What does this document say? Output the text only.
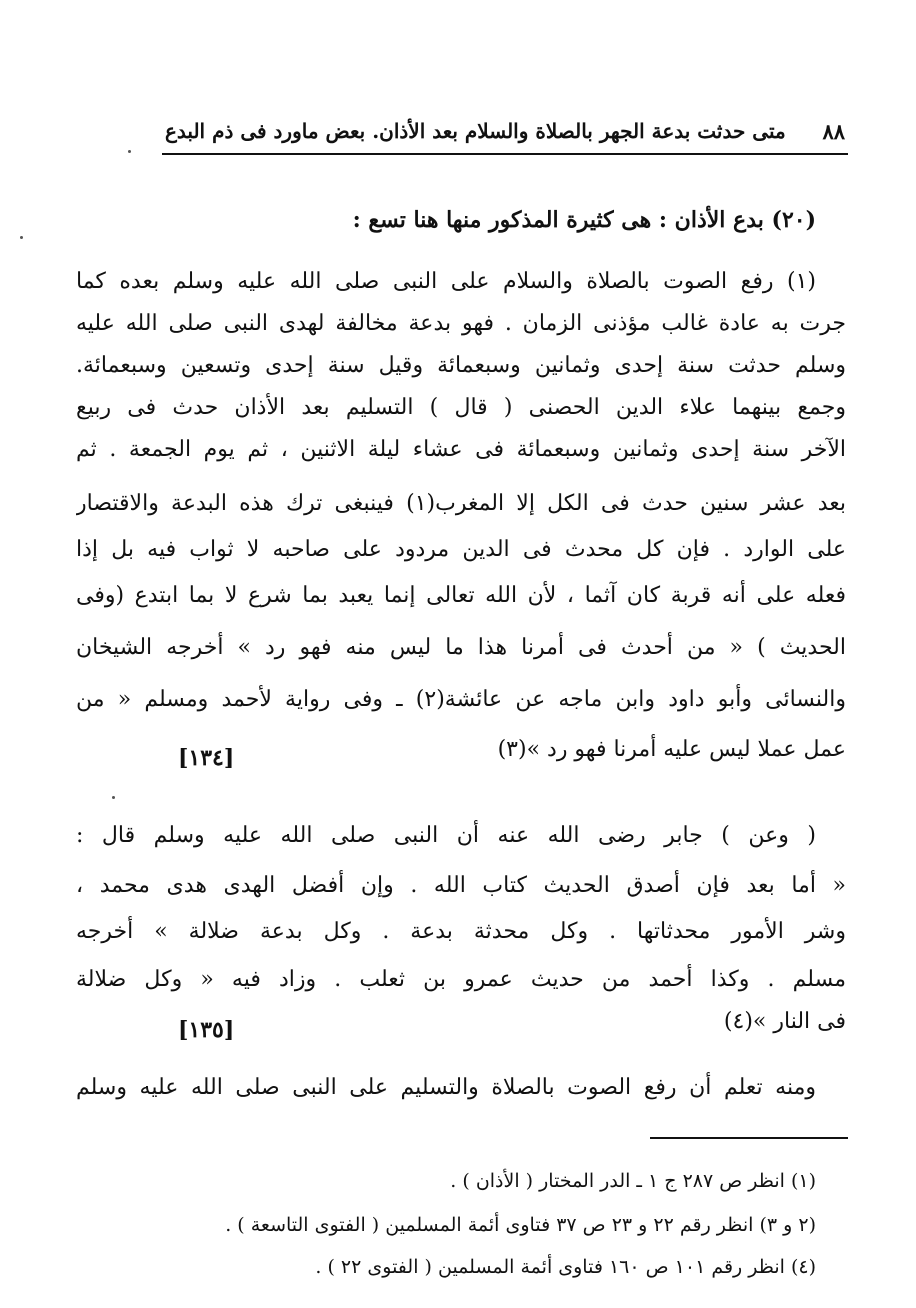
٨٨
متى حدثت بدعة الجهر بالصلاة والسلام بعد الأذان. بعض ماورد فى ذم البدع
(٢٠) بدع الأذان : هى كثيرة المذكور منها هنا تسع :
(١) رفع الصوت بالصلاة والسلام على النبى صلى الله عليه وسلم بعده كما
جرت به عادة غالب مؤذنى الزمان . فهو بدعة مخالفة لهدى النبى صلى الله عليه
وسلم حدثت سنة إحدى وثمانين وسبعمائة وقيل سنة إحدى وتسعين وسبعمائة.
وجمع بينهما علاء الدين الحصنى ( قال ) التسليم بعد الأذان حدث فى ربيع
الآخر سنة إحدى وثمانين وسبعمائة فى عشاء ليلة الاثنين ، ثم يوم الجمعة . ثم
بعد عشر سنين حدث فى الكل إلا المغرب(١) فينبغى ترك هذه البدعة والاقتصار
على الوارد . فإن كل محدث فى الدين مردود على صاحبه لا ثواب فيه بل إذا
فعله على أنه قربة كان آثما ، لأن الله تعالى إنما يعبد بما شرع لا بما ابتدع (وفى
الحديث ) « من أحدث فى أمرنا هذا ما ليس منه فهو رد » أخرجه الشيخان
والنسائى وأبو داود وابن ماجه عن عائشة(٢) ـ وفى رواية لأحمد ومسلم « من
عمل عملا ليس عليه أمرنا فهو رد »(٣)
[١٣٤]
( وعن ) جابر رضى الله عنه أن النبى صلى الله عليه وسلم قال :
« أما بعد فإن أصدق الحديث كتاب الله . وإن أفضل الهدى هدى محمد ،
وشر الأمور محدثاتها . وكل محدثة بدعة . وكل بدعة ضلالة » أخرجه
مسلم . وكذا أحمد من حديث عمرو بن ثعلب . وزاد فيه « وكل ضلالة
فى النار »(٤)
[١٣٥]
ومنه تعلم أن رفع الصوت بالصلاة والتسليم على النبى صلى الله عليه وسلم
(١) انظر ص ٢٨٧ ج ١ ـ الدر المختار ( الأذان ) .
(٢ و ٣) انظر رقم ٢٢ و ٢٣ ص ٣٧ فتاوى أئمة المسلمين ( الفتوى التاسعة ) .
(٤) انظر رقم ١٠١ ص ١٦٠ فتاوى أئمة المسلمين ( الفتوى ٢٢ ) .
